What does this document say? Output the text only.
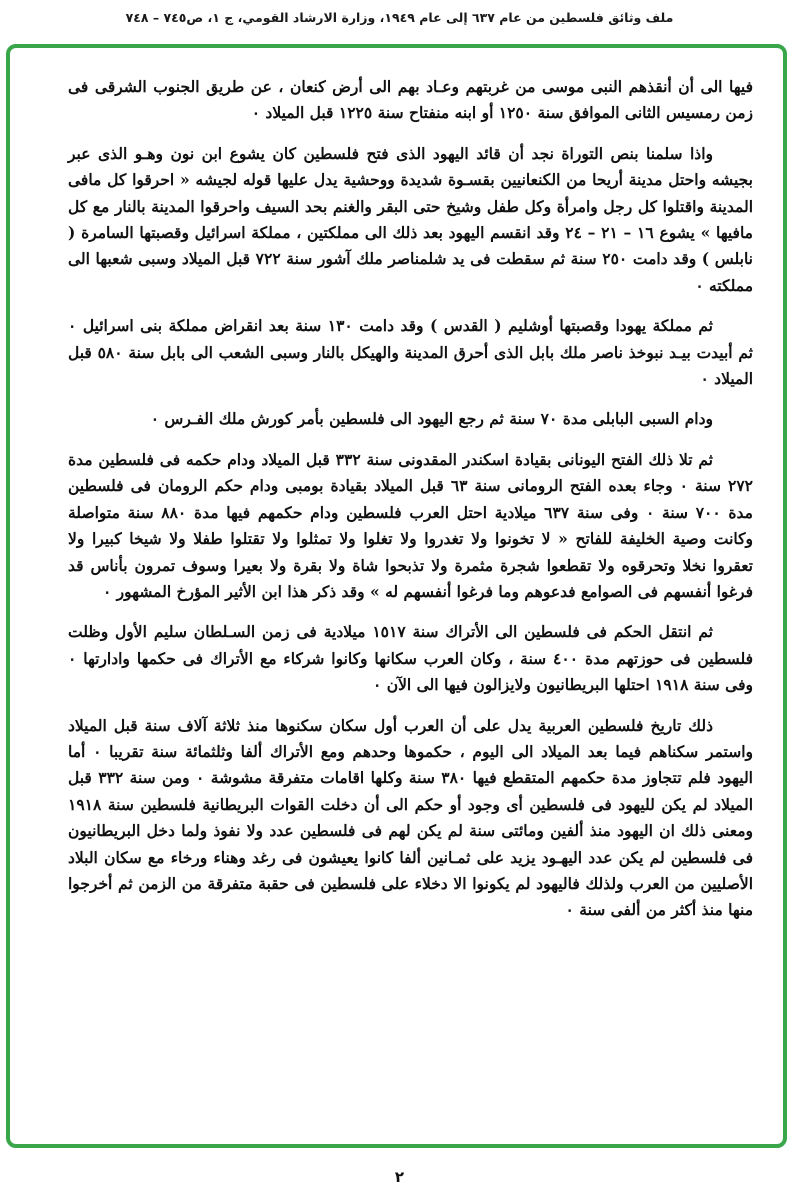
ملف وثائق فلسطين من عام ٦٣٧ إلى عام ١٩٤٩، وزارة الارشاد القومي، ج ١، ص٧٤٥ – ٧٤٨

فيها الى أن أنقذهم النبى موسى من غربتهم وعـاد بهم الى أرض كنعان ، عن طريق الجنوب الشرقى فى زمن رمسيس الثانى الموافق سنة ١٢٥٠ أو ابنه منفتاح سنة ١٢٢٥ قبل الميلاد ٠

واذا سلمنا بنص التوراة نجد أن قائد اليهود الذى فتح فلسطين كان يشوع ابن نون وهـو الذى عبر بجيشه واحتل مدينة أريحا من الكنعانيين بقسـوة شديدة ووحشية يدل عليها قوله لجيشه « احرقوا كل مافى المدينة واقتلوا كل رجل وامرأة وكل طفل وشيخ حتى البقر والغنم بحد السيف واحرقوا المدينة بالنار مع كل مافيها » يشوع ١٦ – ٢١ – ٢٤ وقد انقسم اليهود بعد ذلك الى مملكتين ، مملكة اسرائيل وقصبتها السامرة ( نابلس ) وقد دامت ٢٥٠ سنة ثم سقطت فى يد شلمناصر ملك آشور سنة ٧٢٢ قبل الميلاد وسبى شعبها الى مملكته ٠

ثم مملكة يهودا وقصبتها أوشليم ( القدس ) وقد دامت ١٣٠ سنة بعد انقراض مملكة بنى اسرائيل ٠ ثم أبيدت بيـد نبوخذ ناصر ملك بابل الذى أحرق المدينة والهيكل بالنار وسبى الشعب الى بابل سنة ٥٨٠ قبل الميلاد ٠

ودام السبى البابلى مدة ٧٠ سنة ثم رجع اليهود الى فلسطين بأمر كورش ملك الفـرس ٠

ثم تلا ذلك الفتح اليونانى بقيادة اسكندر المقدونى سنة ٣٣٢ قبل الميلاد ودام حكمه فى فلسطين مدة ٢٧٢ سنة ٠ وجاء بعده الفتح الرومانى سنة ٦٣ قبل الميلاد بقيادة بومبى ودام حكم الرومان فى فلسطين مدة ٧٠٠ سنة ٠ وفى سنة ٦٣٧ ميلادية احتل العرب فلسطين ودام حكمهم فيها مدة ٨٨٠ سنة متواصلة وكانت وصية الخليفة للفاتح « لا تخونوا ولا تغدروا ولا تغلوا ولا تمثلوا ولا تقتلوا طفلا ولا شيخا كبيرا ولا تعقروا نخلا وتحرقوه ولا تقطعوا شجرة مثمرة ولا تذبحوا شاة ولا بقرة ولا بعيرا وسوف تمرون بأناس قد فرغوا أنفسهم فى الصوامع فدعوهم وما فرغوا أنفسهم له » وقد ذكر هذا ابن الأثير المؤرخ المشهور ٠

ثم انتقل الحكم فى فلسطين الى الأتراك سنة ١٥١٧ ميلادية فى زمن السـلطان سليم الأول وظلت فلسطين فى حوزتهم مدة ٤٠٠ سنة ، وكان العرب سكانها وكانوا شركاء مع الأتراك فى حكمها وادارتها ٠ وفى سنة ١٩١٨ احتلها البريطانيون ولايزالون فيها الى الآن ٠

ذلك تاريخ فلسطين العربية يدل على أن العرب أول سكان سكنوها منذ ثلاثة آلاف سنة قبل الميلاد واستمر سكناهم فيما بعد الميلاد الى اليوم ، حكموها وحدهم ومع الأتراك ألفا وثلثمائة سنة تقريبا ٠ أما اليهود فلم تتجاوز مدة حكمهم المتقطع فيها ٣٨٠ سنة وكلها اقامات متفرقة مشوشة ٠ ومن سنة ٣٣٢ قبل الميلاد لم يكن لليهود فى فلسطين أى وجود أو حكم الى أن دخلت القوات البريطانية فلسطين سنة ١٩١٨ ومعنى ذلك ان اليهود منذ ألفين ومائتى سنة لم يكن لهم فى فلسطين عدد ولا نفوذ ولما دخل البريطانيون فى فلسطين لم يكن عدد اليهـود يزيد على ثمـانين ألفا كانوا يعيشون فى رغد وهناء ورخاء مع سكان البلاد الأصليين من العرب ولذلك فاليهود لم يكونوا الا دخلاء على فلسطين فى حقبة متفرقة من الزمن ثم أخرجوا منها منذ أكثر من ألفى سنة ٠

٢
